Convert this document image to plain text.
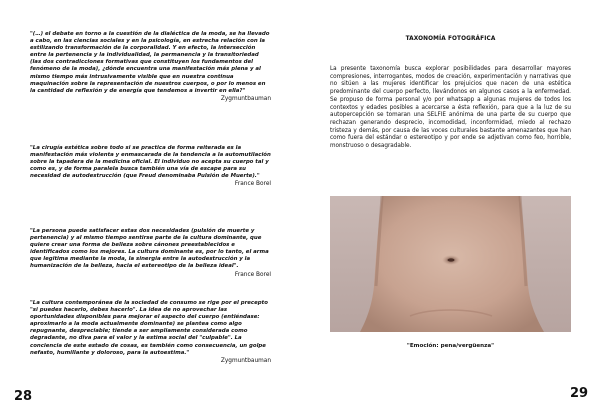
"(…) el debate en torno a la cuestión de la dialéctica de la moda, se ha llevado a cabo, en las ciencias sociales y en la psicología, en estrecha relación con la estilizando transformación de la corporalidad. Y en efecto, la intersección entre la pertenencia y la individualidad, la permanencia y la transitoriedad (las dos contradicciones formativas que constituyen los fundamentos del fenómeno de la moda), ¿dónde encuentra una manifestación más plena y al mismo tiempo más intrusivamente visible que en nuestra continua maquinación sobre la representación de nuestros cuerpos, o por lo menos en la cantidad de reflexión y de energía que tendemos a invertir en ella?"

Zygmuntbauman

"La cirugía estética sobre todo si se practica de forma reiterada es la manifestación más violenta y enmascarada de la tendencia a la automutilación sobre la tapadera de la medicina oficial. El individuo no acepta su cuerpo tal y como es, y de forma paralela busca también una vía de escape para su necesidad de autodestrucción (que Freud denominaba Pulsión de Muerte)."

France Borel

"La persona puede satisfacer estas dos necesidades (pulsión de muerte y pertenencia) y al mismo tiempo sentirse parte de la cultura dominante, que quiere crear una forma de belleza sobre cánones preestablecidos e identificados como los mejores. La cultura dominante es, por lo tanto, el arma que legitima mediante la moda, la sinergia entre la autodestrucción y la humanización de la belleza, hacia el estereotipo de la belleza ideal".

France Borel

"La cultura contemporánea de la sociedad de consumo se rige por el precepto "si puedes hacerlo, debes hacerlo". La idea de no aprovechar las oportunidades disponibles para mejorar el aspecto del cuerpo (entiéndase: aproximarlo a la moda actualmente dominante) se plantea como algo repugnante, despreciable; tiende a ser ampliamente considerada como degradante, no diva para el valor y la estima social del "culpable". La conciencia de este estado de cosas, es también como consecuencia, un golpe nefasto, humillante y doloroso, para la autoestima."

Zygmuntbauman

28
TAXONOMÍA FOTOGRÁFICA

La presente taxonomía busca explorar posibilidades para desarrollar mayores compresiones, interrogantes, modos de creación, experimentación y narrativas que no sitúen a las mujeres identificar los prejuicios que nacen de una estética predominante del cuerpo perfecto, llevándonos en algunos casos a la enfermedad. Se propuso de forma personal y/o por whatsapp a algunas mujeres de todos los contextos y edades posibles a acercarse a ésta reflexión, para que a la luz de su autopercepción se tomaran una SELFIE anónima de una parte de su cuerpo que rechazan generando desprecio, incomodidad, inconformidad, miedo al rechazo tristeza y demás, por causa de las voces culturales bastante amenazantes que han como fuera del estándar o estereotipo y por ende se adjetivan como feo, horrible, monstruoso o desagradable.

"Emoción: pena/vergüenza"
29
